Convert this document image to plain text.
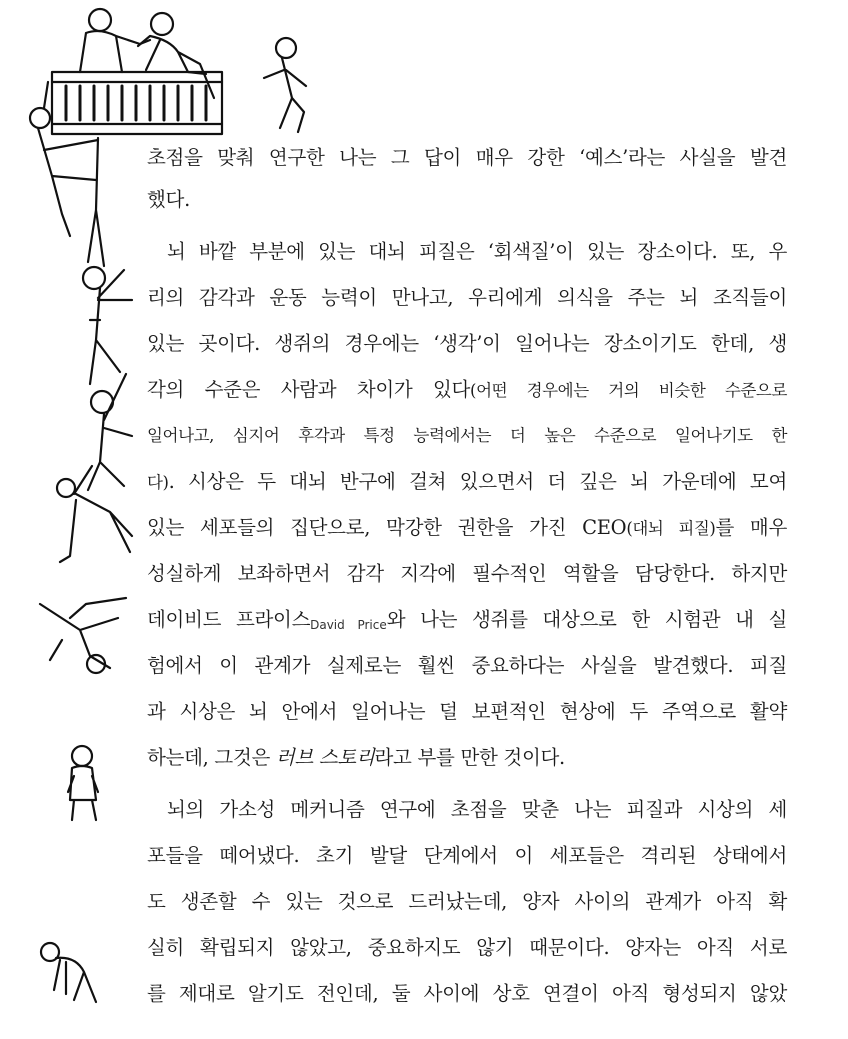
초점을 맞춰 연구한 나는 그 답이 매우 강한 ‘예스’라는 사실을 발견
했다.
뇌 바깥 부분에 있는 대뇌 피질은 ‘회색질’이 있는 장소이다. 또, 우
리의 감각과 운동 능력이 만나고, 우리에게 의식을 주는 뇌 조직들이
있는 곳이다. 생쥐의 경우에는 ‘생각’이 일어나는 장소이기도 한데, 생
각의 수준은 사람과 차이가 있다(어떤 경우에는 거의 비슷한 수준으로
일어나고, 심지어 후각과 특정 능력에서는 더 높은 수준으로 일어나기도 한
다). 시상은 두 대뇌 반구에 걸쳐 있으면서 더 깊은 뇌 가운데에 모여
있는 세포들의 집단으로, 막강한 권한을 가진 CEO(대뇌 피질)를 매우
성실하게 보좌하면서 감각 지각에 필수적인 역할을 담당한다. 하지만
데이비드 프라이스David Price와 나는 생쥐를 대상으로 한 시험관 내 실
험에서 이 관계가 실제로는 훨씬 중요하다는 사실을 발견했다. 피질
과 시상은 뇌 안에서 일어나는 덜 보편적인 현상에 두 주역으로 활약
하는데, 그것은 러브 스토리라고 부를 만한 것이다.
뇌의 가소성 메커니즘 연구에 초점을 맞춘 나는 피질과 시상의 세
포들을 떼어냈다. 초기 발달 단계에서 이 세포들은 격리된 상태에서
도 생존할 수 있는 것으로 드러났는데, 양자 사이의 관계가 아직 확
실히 확립되지 않았고, 중요하지도 않기 때문이다. 양자는 아직 서로
를 제대로 알기도 전인데, 둘 사이에 상호 연결이 아직 형성되지 않았
